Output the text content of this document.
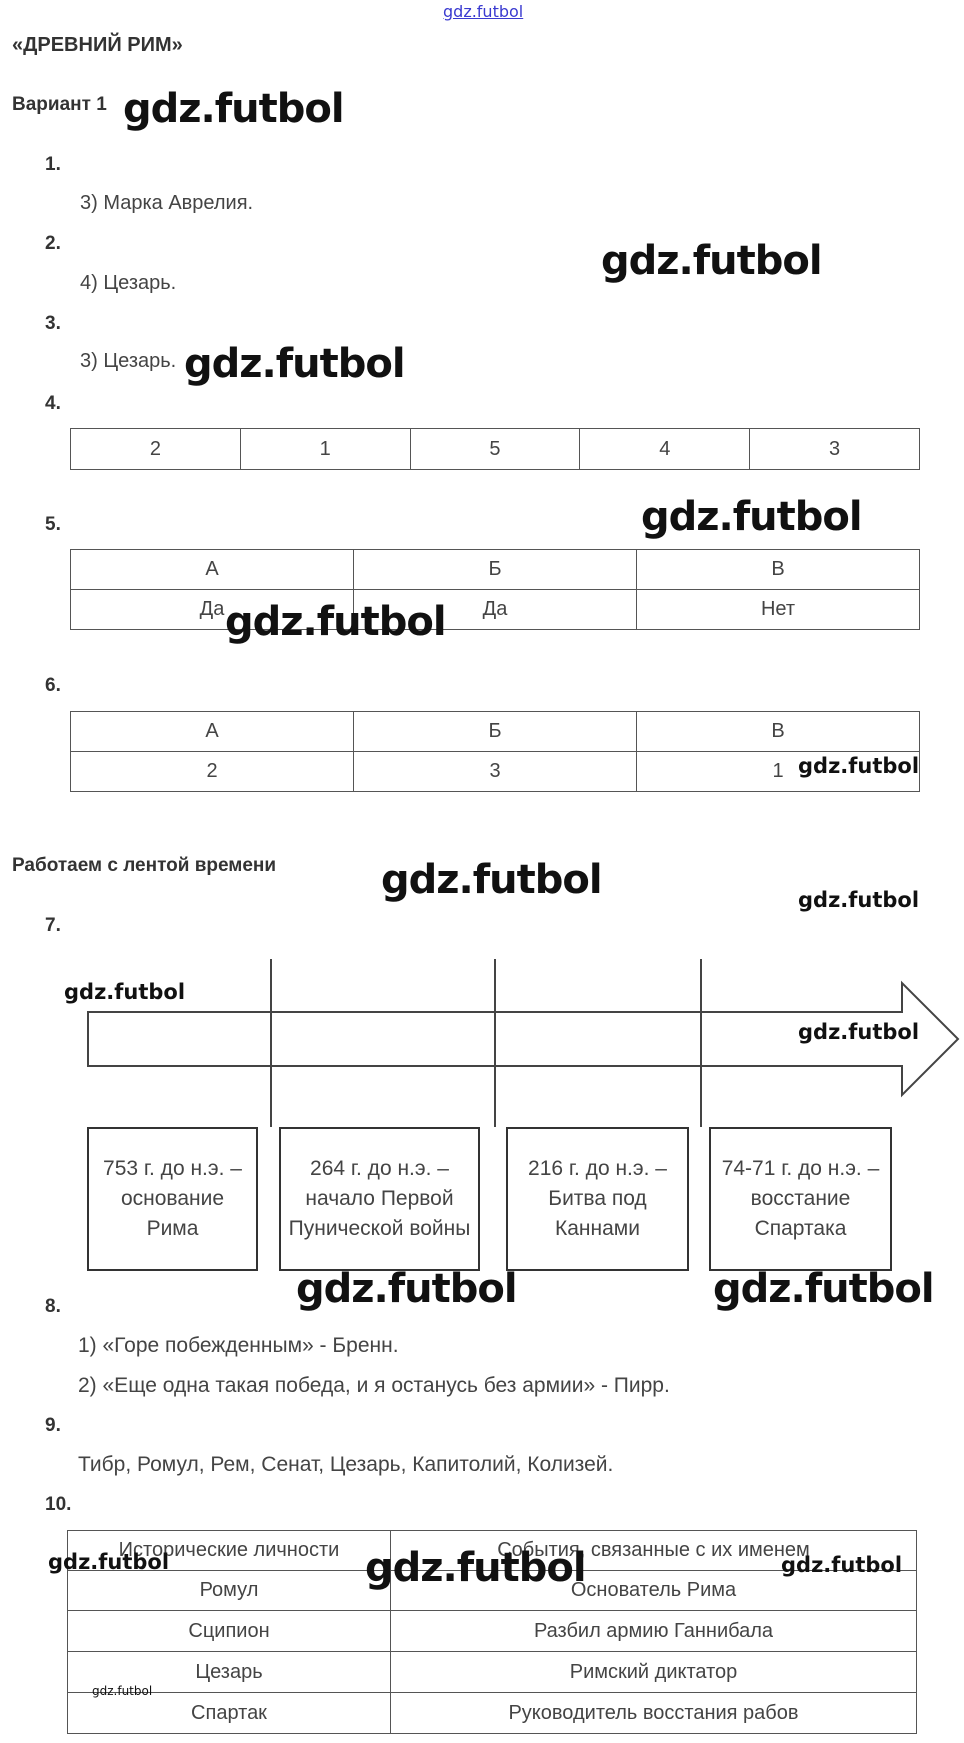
gdz.futbol
«ДРЕВНИЙ РИМ»
Вариант 1
1.
3) Марка Аврелия.
2.
4) Цезарь.
3.
3) Цезарь.
4.
2	1	5	4	3
5.
А	Б	В
Да	Да	Нет
6.
А	Б	В
2	3	1
Работаем с лентой времени
7.
753 г. до н.э. – основание Рима
264 г. до н.э. – начало Первой Пунической войны
216 г. до н.э. – Битва под Каннами
74-71 г. до н.э. – восстание Спартака
8.
1) «Горе побежденным» - Бренн.
2) «Еще одна такая победа, и я останусь без армии» - Пирр.
9.
Тибр, Ромул, Рем, Сенат, Цезарь, Капитолий, Колизей.
10.
Исторические личности	События, связанные с их именем
Ромул	Основатель Рима
Сципион	Разбил армию Ганнибала
Цезарь	Римский диктатор
Спартак	Руководитель восстания рабов
gdz.futbol
gdz.futbol
gdz.futbol
gdz.futbol
gdz.futbol
gdz.futbol
gdz.futbol	gdz.futbol
gdz.futbol
gdz.futbol
gdz.futbol	gdz.futbol
gdz.futbol	gdz.futbol	gdz.futbol
gdz.futbol
